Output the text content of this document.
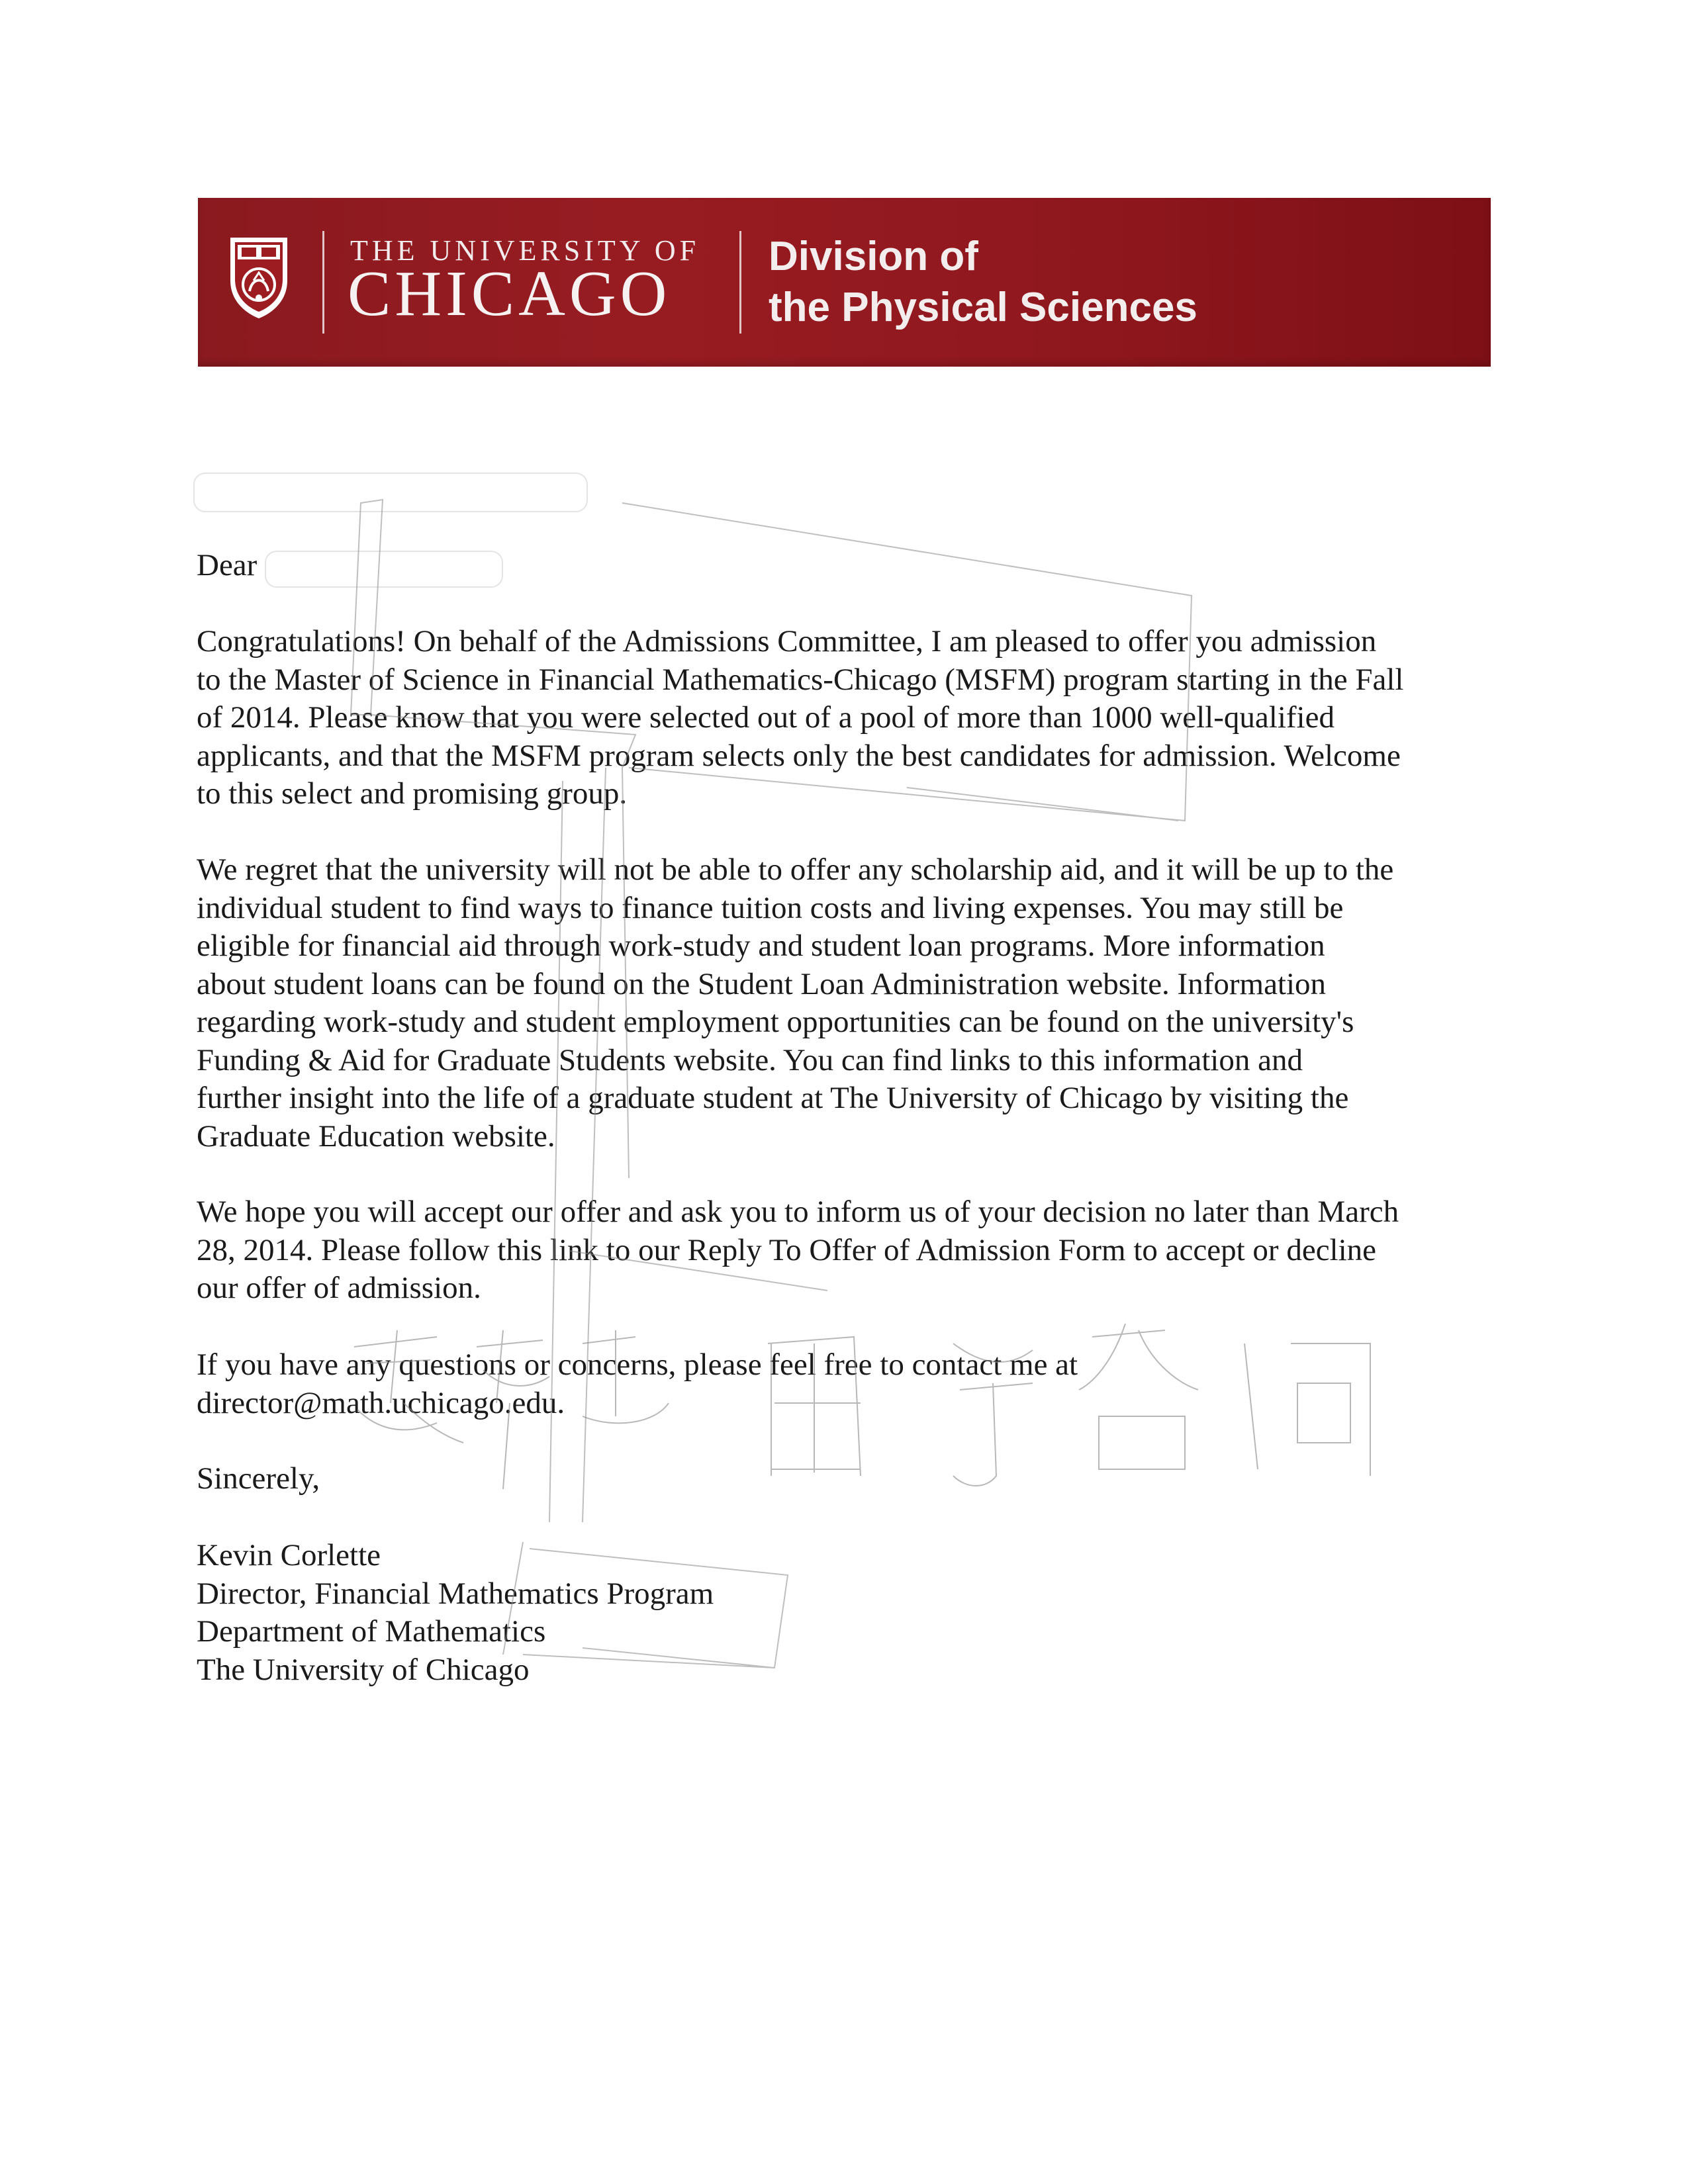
THE UNIVERSITY OF
CHICAGO
Division of
the Physical Sciences
Dear
Congratulations! On behalf of the Admissions Committee, I am pleased to offer you admission
to the Master of Science in Financial Mathematics-Chicago (MSFM) program starting in the Fall
of 2014. Please know that you were selected out of a pool of more than 1000 well-qualified
applicants, and that the MSFM program selects only the best candidates for admission. Welcome
to this select and promising group.
We regret that the university will not be able to offer any scholarship aid, and it will be up to the
individual student to find ways to finance tuition costs and living expenses. You may still be
eligible for financial aid through work-study and student loan programs. More information
about student loans can be found on the Student Loan Administration website. Information
regarding work-study and student employment opportunities can be found on the university's
Funding & Aid for Graduate Students website. You can find links to this information and
further insight into the life of a graduate student at The University of Chicago by visiting the
Graduate Education website.
We hope you will accept our offer and ask you to inform us of your decision no later than March
28, 2014. Please follow this link to our Reply To Offer of Admission Form to accept or decline
our offer of admission.
If you have any questions or concerns, please feel free to contact me at
director@math.uchicago.edu.
Sincerely,
Kevin Corlette
Director, Financial Mathematics Program
Department of Mathematics
The University of Chicago
